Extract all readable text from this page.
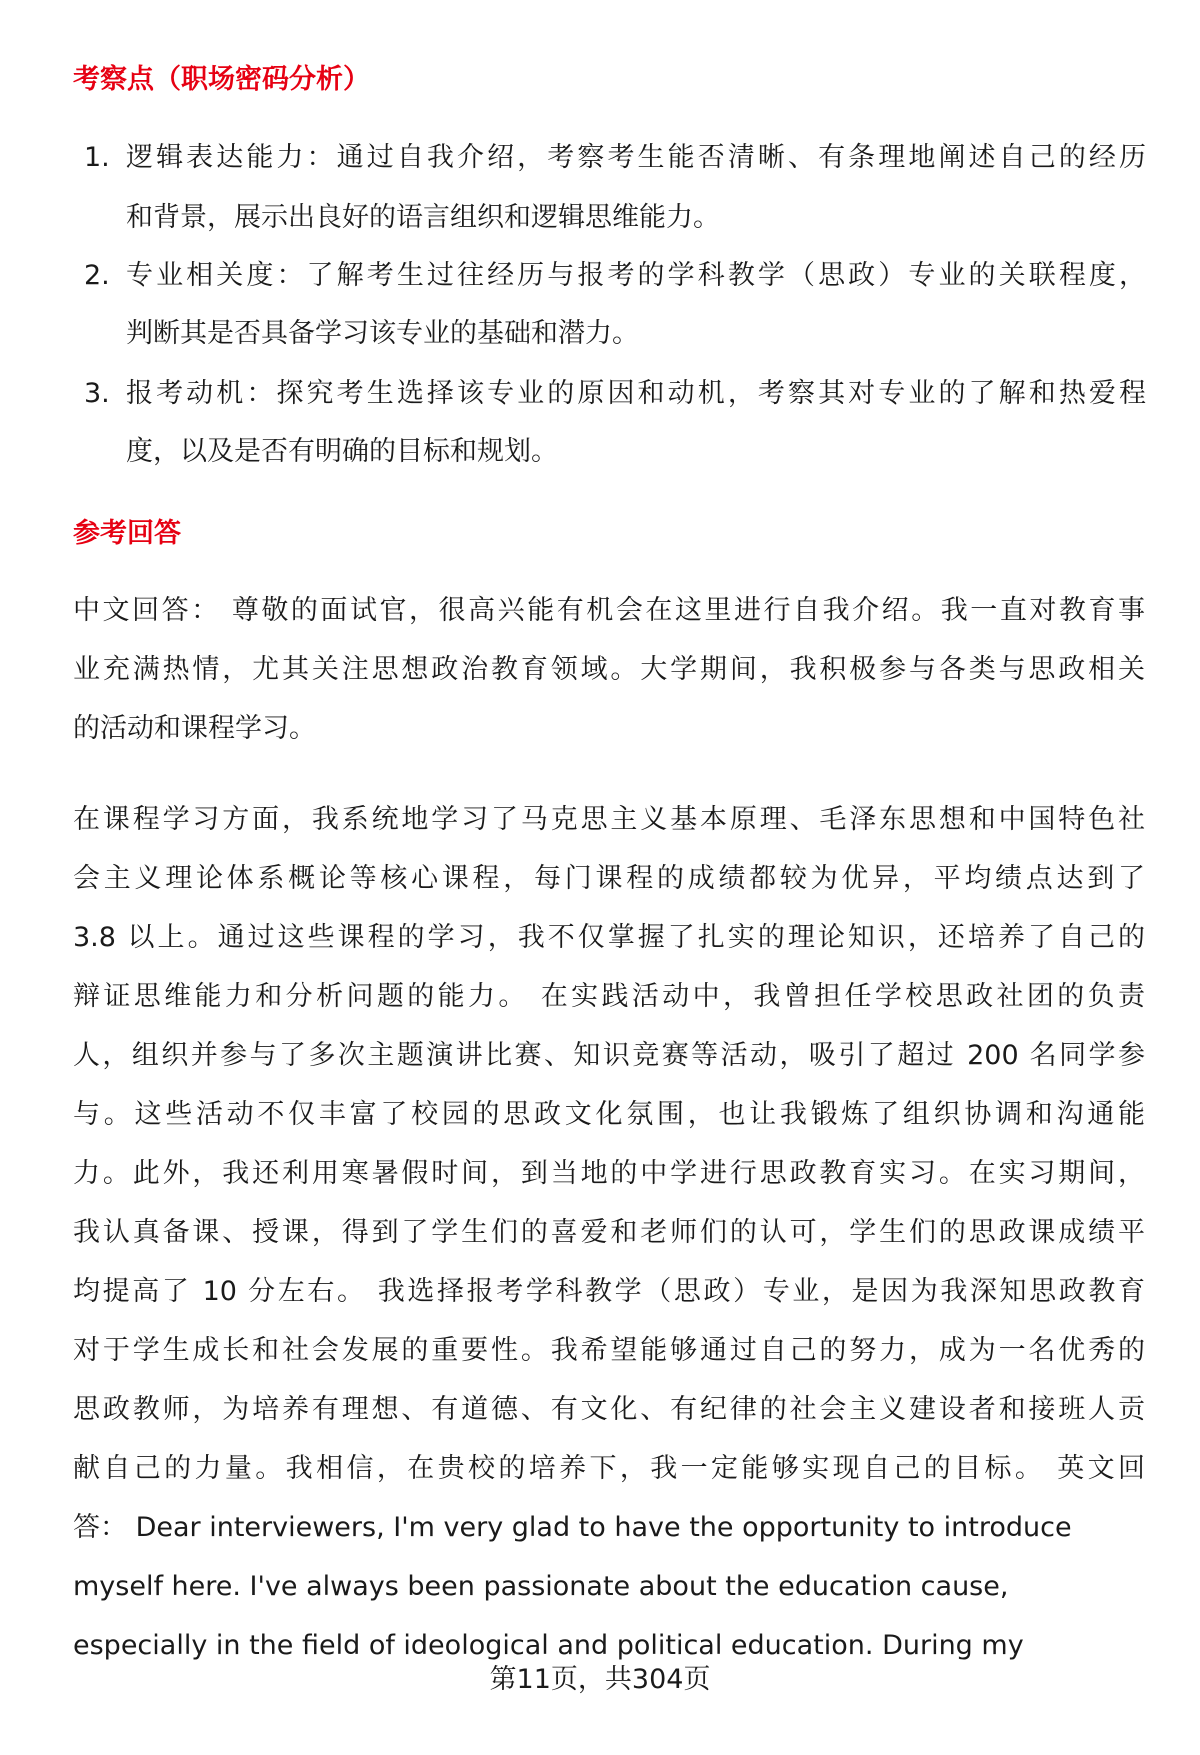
考察点（职场密码分析）
1. 逻辑表达能力：通过自我介绍，考察考生能否清晰、有条理地阐述自己的经历
和背景，展示出良好的语言组织和逻辑思维能力。
2. 专业相关度：了解考生过往经历与报考的学科教学（思政）专业的关联程度，
判断其是否具备学习该专业的基础和潜力。
3. 报考动机：探究考生选择该专业的原因和动机，考察其对专业的了解和热爱程
度，以及是否有明确的目标和规划。
参考回答
中文回答： 尊敬的面试官，很高兴能有机会在这里进行自我介绍。我一直对教育事
业充满热情，尤其关注思想政治教育领域。大学期间，我积极参与各类与思政相关
的活动和课程学习。
在课程学习方面，我系统地学习了马克思主义基本原理、毛泽东思想和中国特色社
会主义理论体系概论等核心课程，每门课程的成绩都较为优异，平均绩点达到了
3.8 以上。通过这些课程的学习，我不仅掌握了扎实的理论知识，还培养了自己的
辩证思维能力和分析问题的能力。 在实践活动中，我曾担任学校思政社团的负责
人，组织并参与了多次主题演讲比赛、知识竞赛等活动，吸引了超过 200 名同学参
与。这些活动不仅丰富了校园的思政文化氛围，也让我锻炼了组织协调和沟通能
力。此外，我还利用寒暑假时间，到当地的中学进行思政教育实习。在实习期间，
我认真备课、授课，得到了学生们的喜爱和老师们的认可，学生们的思政课成绩平
均提高了 10 分左右。 我选择报考学科教学（思政）专业，是因为我深知思政教育
对于学生成长和社会发展的重要性。我希望能够通过自己的努力，成为一名优秀的
思政教师，为培养有理想、有道德、有文化、有纪律的社会主义建设者和接班人贡
献自己的力量。我相信，在贵校的培养下，我一定能够实现自己的目标。 英文回
答： Dear interviewers, I'm very glad to have the opportunity to introduce
myself here. I've always been passionate about the education cause,
especially in the field of ideological and political education. During my
第11页，共304页
